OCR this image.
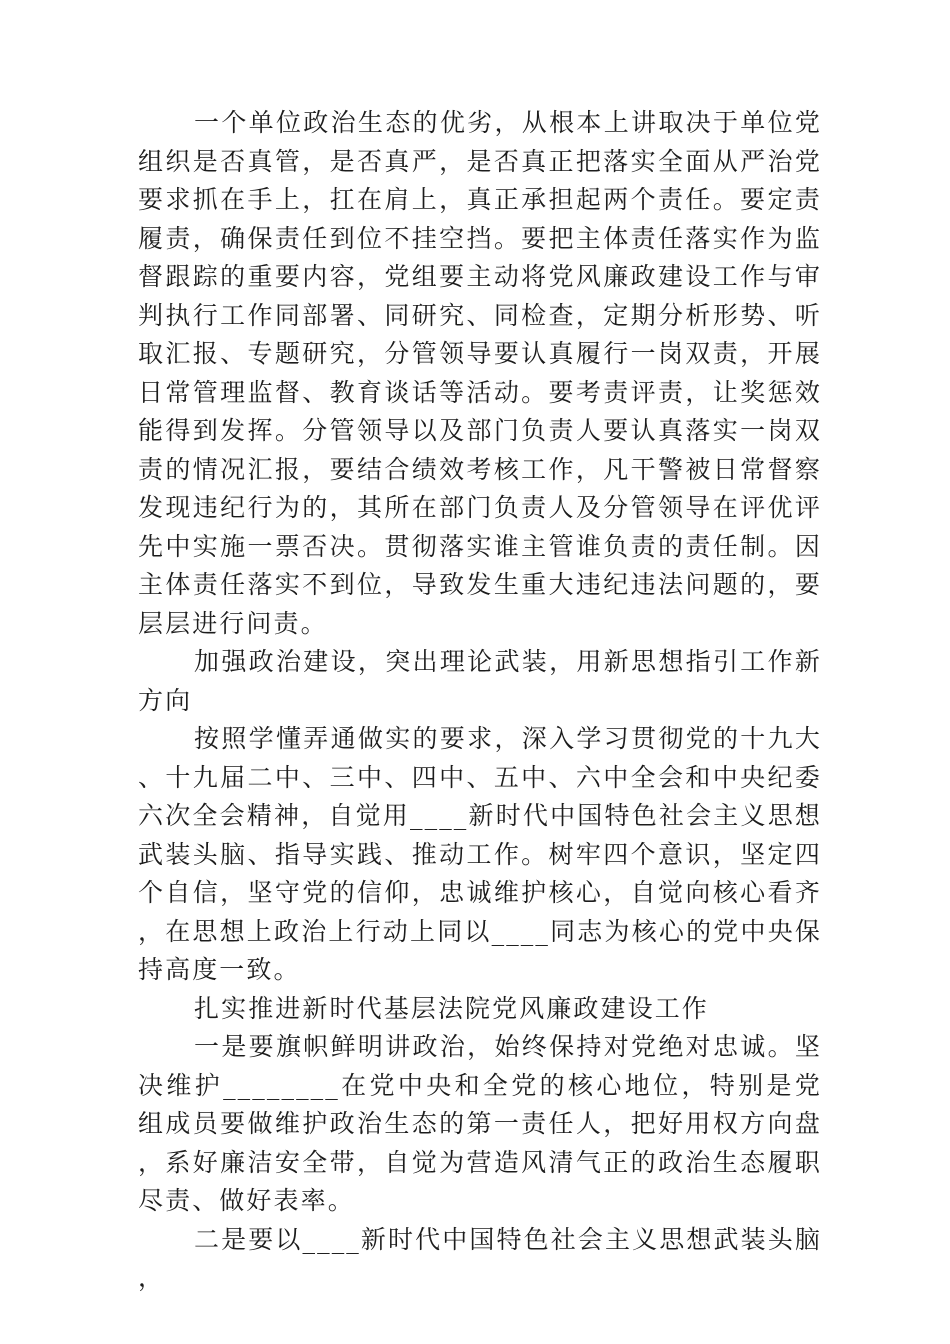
一个单位政治生态的优劣，从根本上讲取决于单位党组织是否真管，是否真严，是否真正把落实全面从严治党要求抓在手上，扛在肩上，真正承担起两个责任。要定责履责，确保责任到位不挂空挡。要把主体责任落实作为监督跟踪的重要内容，党组要主动将党风廉政建设工作与审判执行工作同部署、同研究、同检查，定期分析形势、听取汇报、专题研究，分管领导要认真履行一岗双责，开展日常管理监督、教育谈话等活动。要考责评责，让奖惩效能得到发挥。分管领导以及部门负责人要认真落实一岗双责的情况汇报，要结合绩效考核工作，凡干警被日常督察发现违纪行为的，其所在部门负责人及分管领导在评优评先中实施一票否决。贯彻落实谁主管谁负责的责任制。因主体责任落实不到位，导致发生重大违纪违法问题的，要层层进行问责。

加强政治建设，突出理论武装，用新思想指引工作新方向

按照学懂弄通做实的要求，深入学习贯彻党的十九大、十九届二中、三中、四中、五中、六中全会和中央纪委六次全会精神，自觉用____新时代中国特色社会主义思想武装头脑、指导实践、推动工作。树牢四个意识，坚定四个自信，坚守党的信仰，忠诚维护核心，自觉向核心看齐，在思想上政治上行动上同以____同志为核心的党中央保持高度一致。

扎实推进新时代基层法院党风廉政建设工作

一是要旗帜鲜明讲政治，始终保持对党绝对忠诚。坚决维护________在党中央和全党的核心地位，特别是党组成员要做维护政治生态的第一责任人，把好用权方向盘，系好廉洁安全带，自觉为营造风清气正的政治生态履职尽责、做好表率。

二是要以____新时代中国特色社会主义思想武装头脑，
